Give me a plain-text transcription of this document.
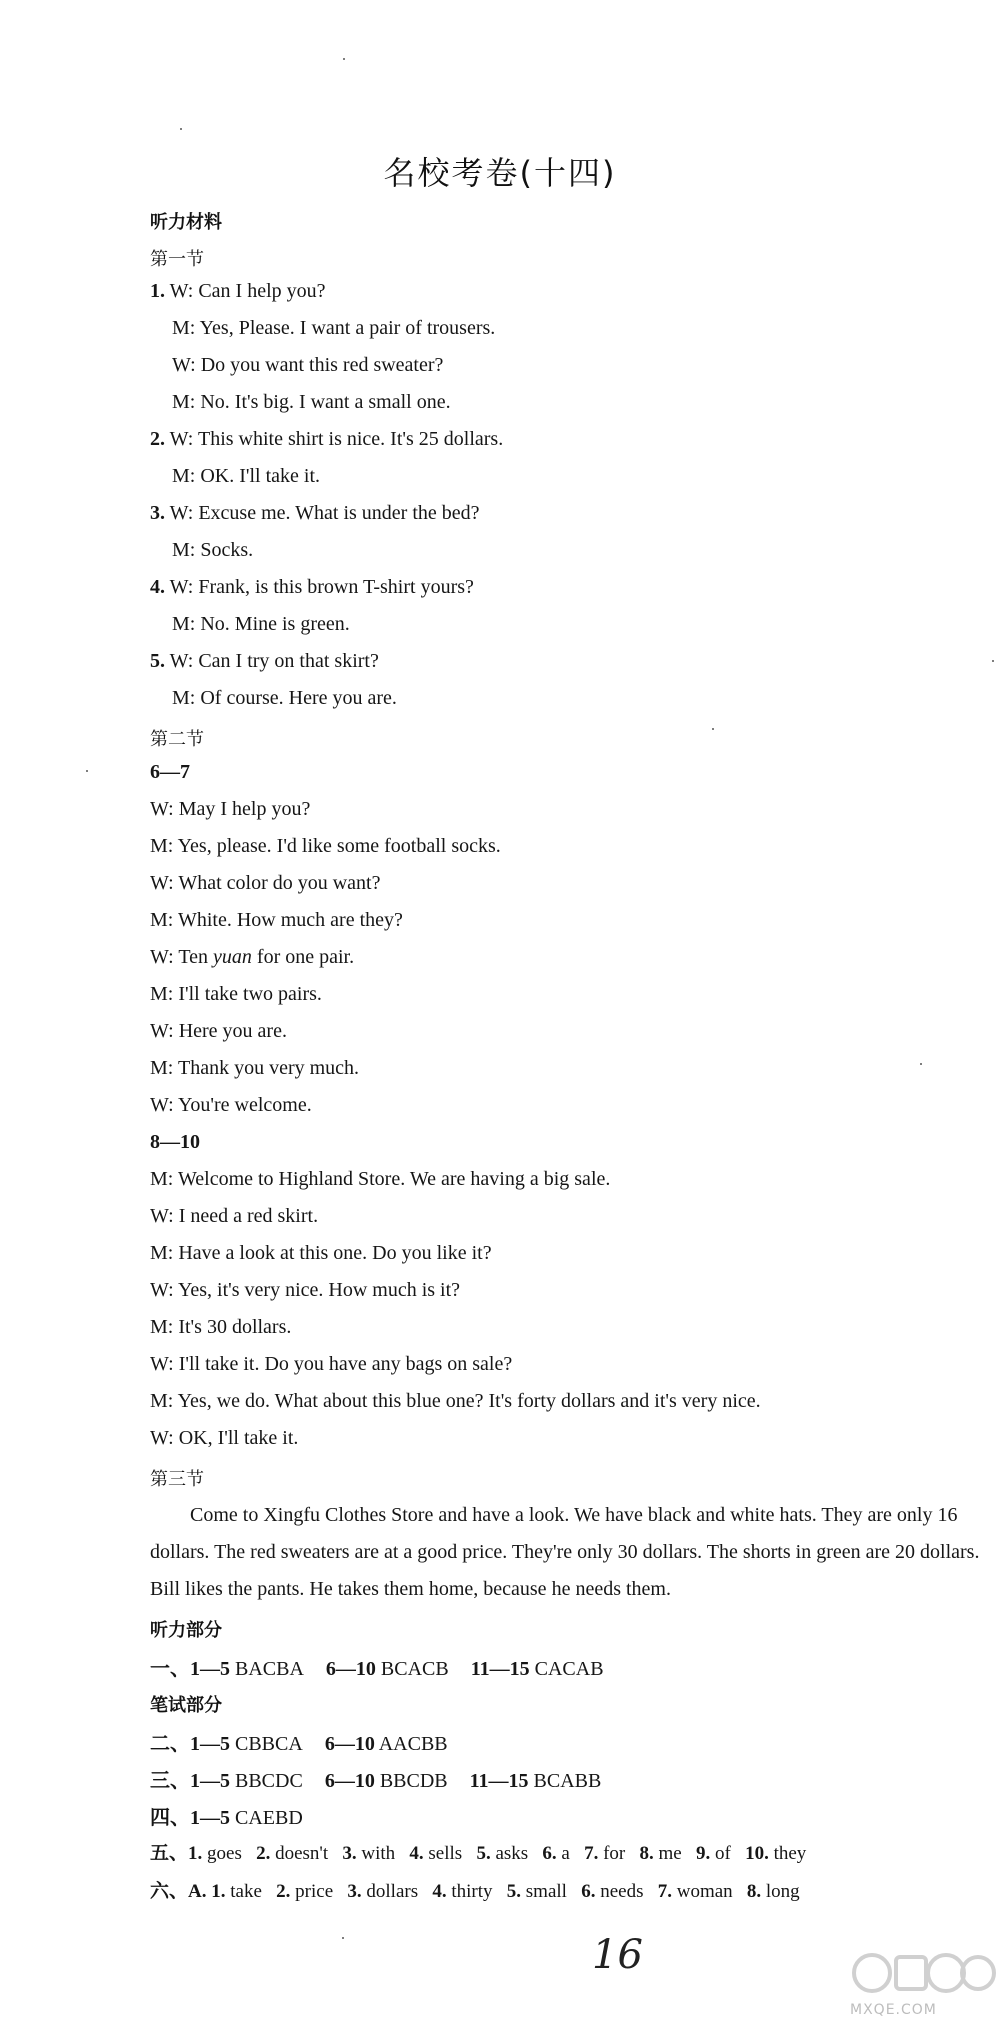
名校考卷(十四)
听力材料
第一节
1. W: Can I help you?
M: Yes, Please. I want a pair of trousers.
W: Do you want this red sweater?
M: No. It's big. I want a small one.
2. W: This white shirt is nice. It's 25 dollars.
M: OK. I'll take it.
3. W: Excuse me. What is under the bed?
M: Socks.
4. W: Frank, is this brown T-shirt yours?
M: No. Mine is green.
5. W: Can I try on that skirt?
M: Of course. Here you are.
第二节
6—7
W: May I help you?
M: Yes, please. I'd like some football socks.
W: What color do you want?
M: White. How much are they?
W: Ten yuan for one pair.
M: I'll take two pairs.
W: Here you are.
M: Thank you very much.
W: You're welcome.
8—10
M: Welcome to Highland Store. We are having a big sale.
W: I need a red skirt.
M: Have a look at this one. Do you like it?
W: Yes, it's very nice. How much is it?
M: It's 30 dollars.
W: I'll take it. Do you have any bags on sale?
M: Yes, we do. What about this blue one? It's forty dollars and it's very nice.
W: OK, I'll take it.
第三节
Come to Xingfu Clothes Store and have a look. We have black and white hats. They are only 16 dollars. The red sweaters are at a good price. They're only 30 dollars. The shorts in green are 20 dollars. Bill likes the pants. He takes them home, because he needs them.
听力部分
一、1—5 BACBA 6—10 BCACB 11—15 CACAB
笔试部分
二、1—5 CBBCA 6—10 AACBB
三、1—5 BBCDC 6—10 BBCDB 11—15 BCABB
四、1—5 CAEBD
五、1. goes 2. doesn't 3. with 4. sells 5. asks 6. a 7. for 8. me 9. of 10. they
六、A. 1. take 2. price 3. dollars 4. thirty 5. small 6. needs 7. woman 8. long
16
MXQE.COM
